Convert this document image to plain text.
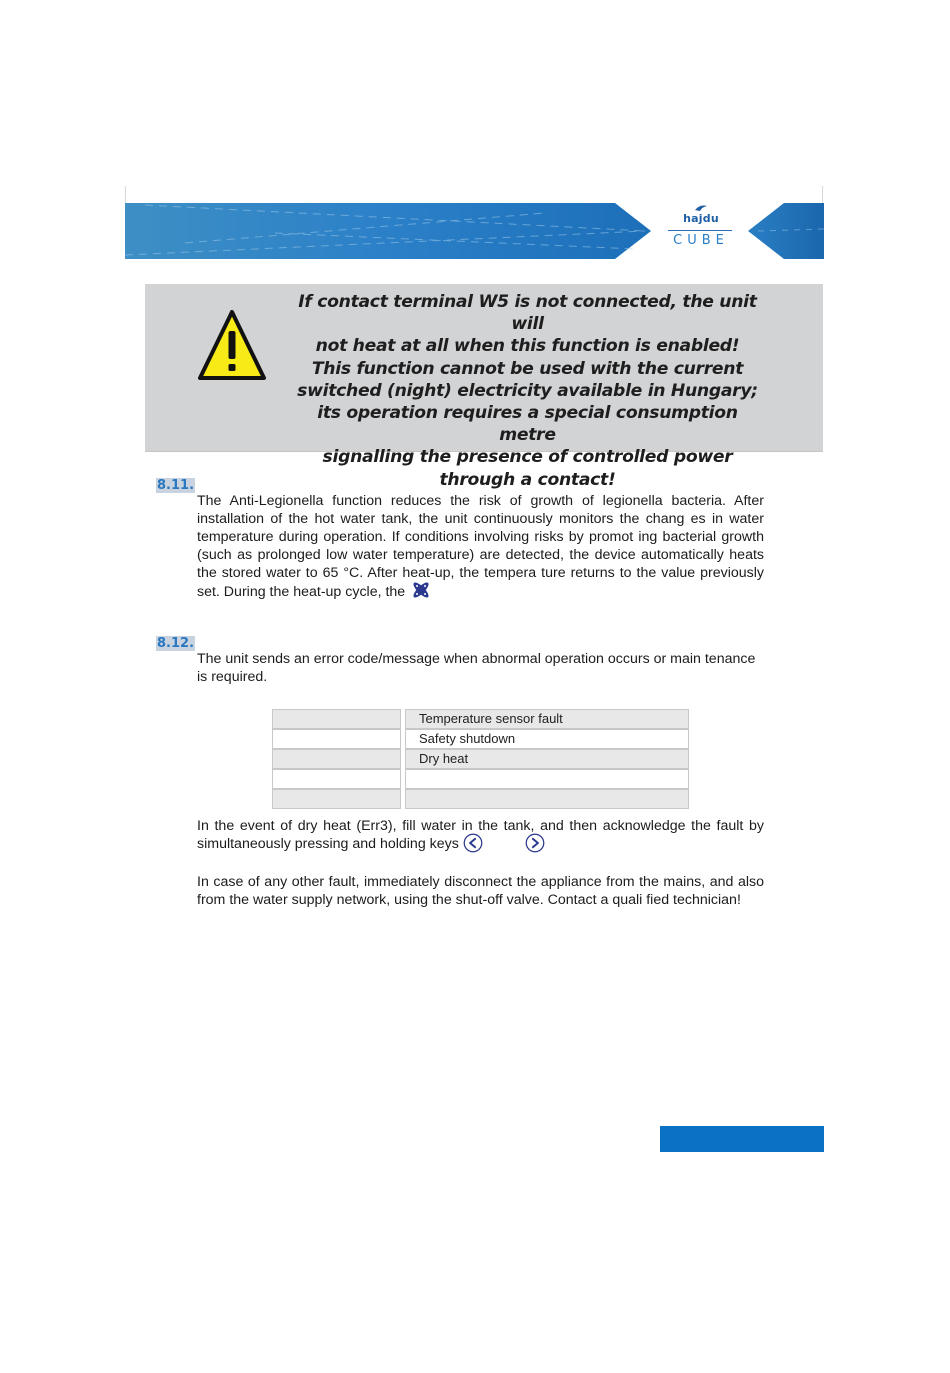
hajdu
CUBE
If contact terminal W5 is not connected, the unit will
not heat at all when this function is enabled!
This function cannot be used with the current
switched (night) electricity available in Hungary;
its operation requires a special consumption metre
signalling the presence of controlled power
through a contact!
8.11.
The Anti-Legionella function reduces the risk of growth of legionella bacteria. After installation of the hot water tank, the unit continuously monitors the chang es in water temperature during operation. If conditions involving risks by promot ing bacterial growth (such as prolonged low water temperature) are detected, the device automatically heats the stored water to 65 °C. After heat-up, the tempera ture returns to the value previously set. During the heat-up cycle, the
8.12.
The unit sends an error code/message when abnormal operation occurs or main tenance is required.
Temperature sensor fault
Safety shutdown
Dry heat
In the event of dry heat (Err3), fill water in the tank, and then acknowledge the fault by simultaneously pressing and holding keys
In case of any other fault, immediately disconnect the appliance from the mains, and also from the water supply network, using the shut-off valve. Contact a quali fied technician!
